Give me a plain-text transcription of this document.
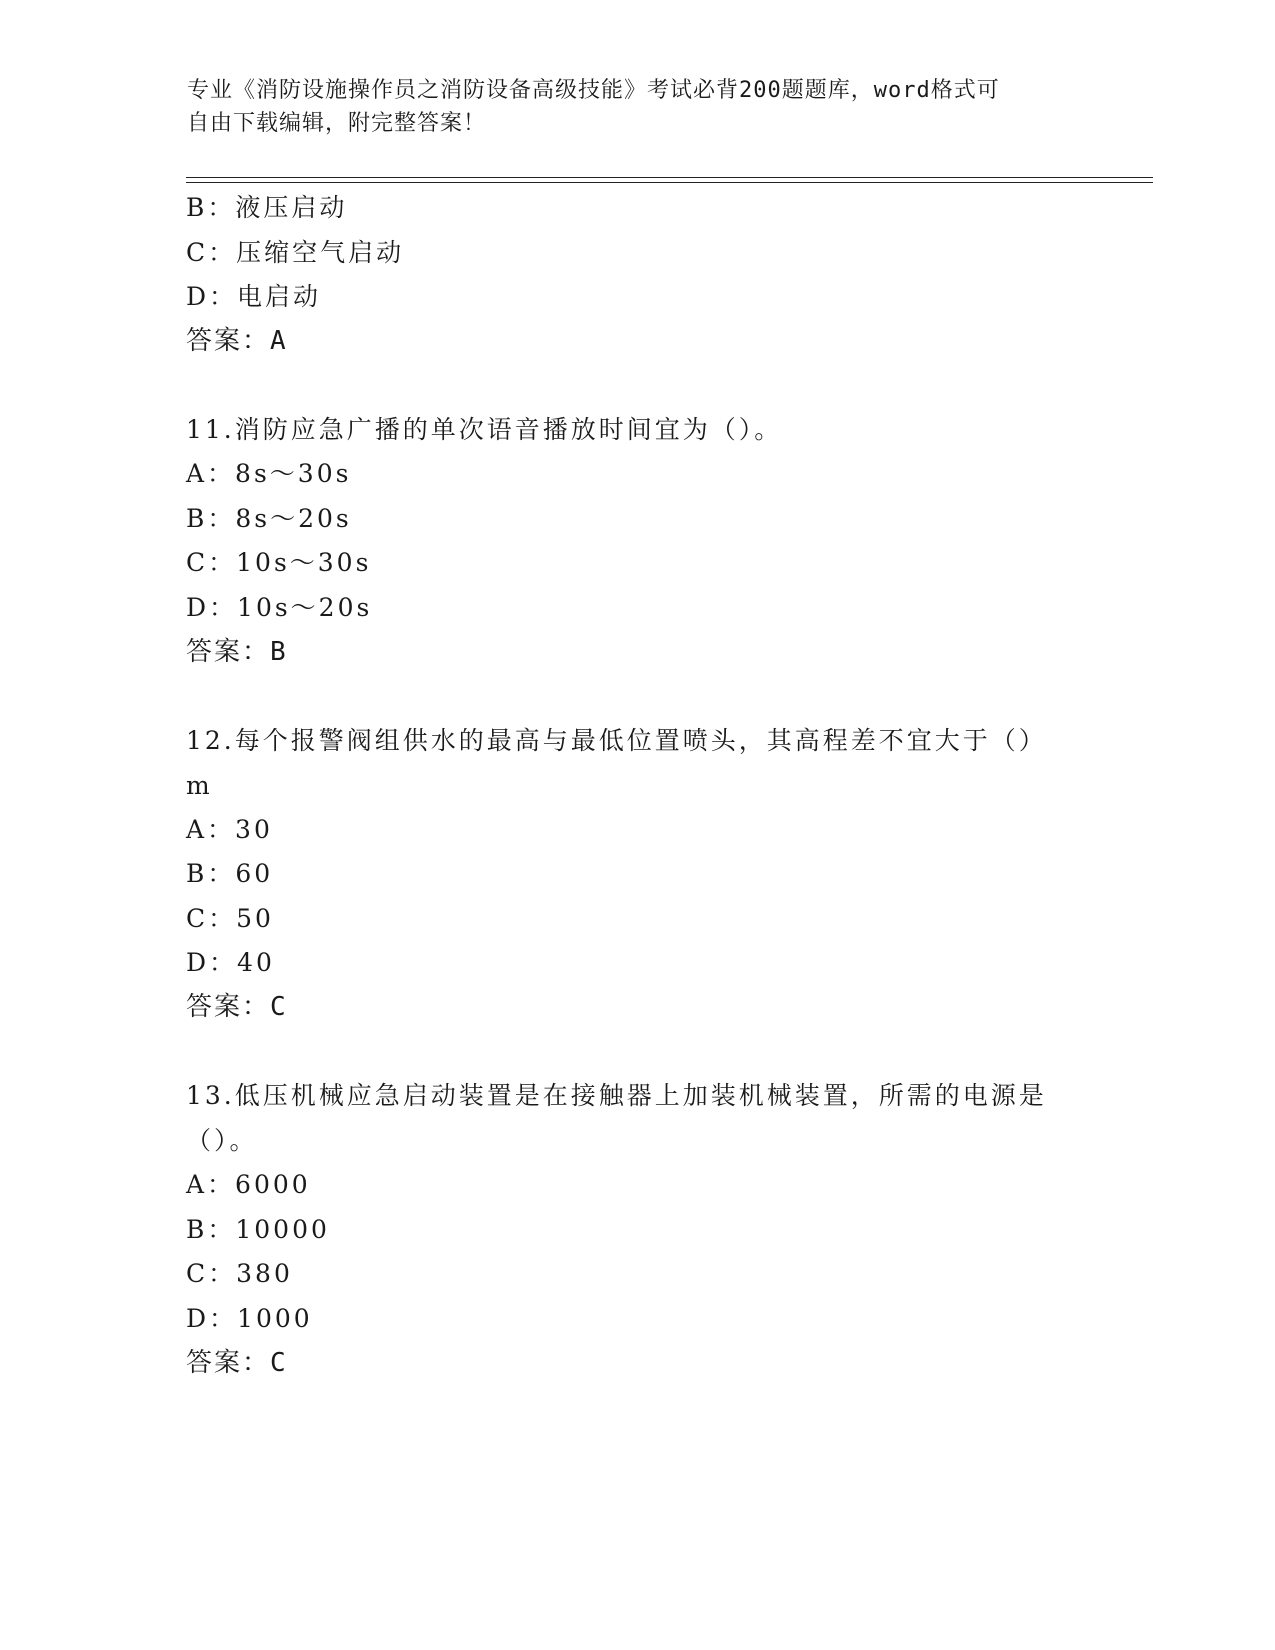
专业《消防设施操作员之消防设备高级技能》考试必背200题题库，word格式可
自由下载编辑，附完整答案！
B：液压启动
C：压缩空气启动
D：电启动
答案：A
11.消防应急广播的单次语音播放时间宜为（）。
A：8s～30s
B：8s～20s
C：10s～30s
D：10s～20s
答案：B
12.每个报警阀组供水的最高与最低位置喷头，其高程差不宜大于（）
m
A：30
B：60
C：50
D：40
答案：C
13.低压机械应急启动装置是在接触器上加装机械装置，所需的电源是
（）。
A：6000
B：10000
C：380
D：1000
答案：C
